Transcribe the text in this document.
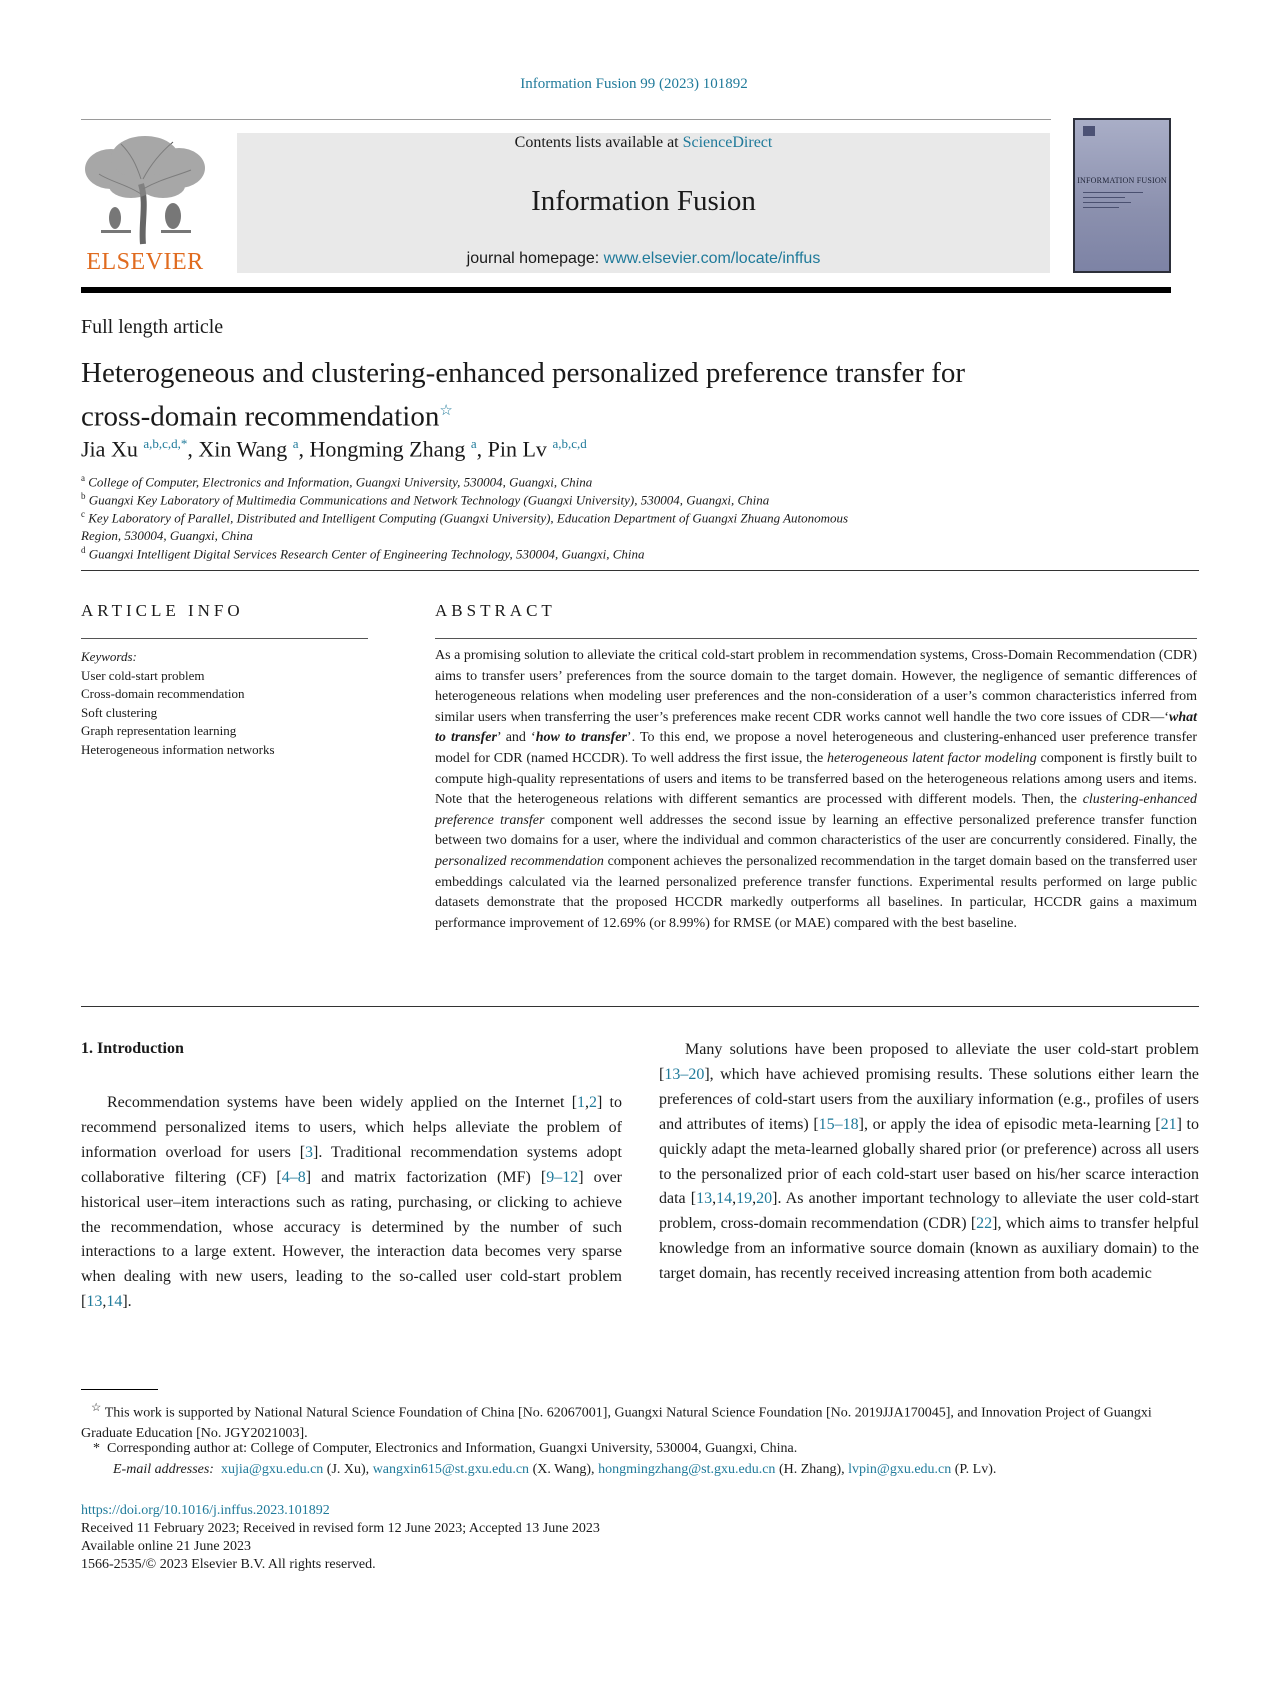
Information Fusion 99 (2023) 101892
ELSEVIER
Contents lists available at ScienceDirect
Information Fusion
journal homepage: www.elsevier.com/locate/inffus
INFORMATION FUSION
Full length article
Heterogeneous and clustering-enhanced personalized preference transfer for
cross-domain recommendation☆
Jia Xu $^{a,b,c,d,*}$, Xin Wang $^a$, Hongming Zhang $^a$, Pin Lv $^{a,b,c,d}$
$^a$ College of Computer, Electronics and Information, Guangxi University, 530004, Guangxi, China
$^b$ Guangxi Key Laboratory of Multimedia Communications and Network Technology (Guangxi University), 530004, Guangxi, China
$^c$ Key Laboratory of Parallel, Distributed and Intelligent Computing (Guangxi University), Education Department of Guangxi Zhuang Autonomous
Region, 530004, Guangxi, China
$^d$ Guangxi Intelligent Digital Services Research Center of Engineering Technology, 530004, Guangxi, China
ARTICLE INFO
Keywords:
User cold-start problem
Cross-domain recommendation
Soft clustering
Graph representation learning
Heterogeneous information networks
ABSTRACT
As a promising solution to alleviate the critical cold-start problem in recommendation systems, Cross-Domain Recommendation (CDR) aims to transfer users’ preferences from the source domain to the target domain. However, the negligence of semantic differences of heterogeneous relations when modeling user preferences and the non-consideration of a user’s common characteristics inferred from similar users when transferring the user’s preferences make recent CDR works cannot well handle the two core issues of CDR—‘what to transfer’ and ‘how to transfer’. To this end, we propose a novel heterogeneous and clustering-enhanced user preference transfer model for CDR (named HCCDR). To well address the first issue, the heterogeneous latent factor modeling component is firstly built to compute high-quality representations of users and items to be transferred based on the heterogeneous relations among users and items. Note that the heterogeneous relations with different semantics are processed with different models. Then, the clustering-enhanced preference transfer component well addresses the second issue by learning an effective personalized preference transfer function between two domains for a user, where the individual and common characteristics of the user are concurrently considered. Finally, the personalized recommendation component achieves the personalized recommendation in the target domain based on the transferred user embeddings calculated via the learned personalized preference transfer functions. Experimental results performed on large public datasets demonstrate that the proposed HCCDR markedly outperforms all baselines. In particular, HCCDR gains a maximum performance improvement of 12.69% (or 8.99%) for RMSE (or MAE) compared with the best baseline.
1. Introduction
Recommendation systems have been widely applied on the Internet [1,2] to recommend personalized items to users, which helps alleviate the problem of information overload for users [3]. Traditional recommendation systems adopt collaborative filtering (CF) [4–8] and matrix factorization (MF) [9–12] over historical user–item interactions such as rating, purchasing, or clicking to achieve the recommendation, whose accuracy is determined by the number of such interactions to a large extent. However, the interaction data becomes very sparse when dealing with new users, leading to the so-called user cold-start problem [13,14].
Many solutions have been proposed to alleviate the user cold-start problem [13–20], which have achieved promising results. These solutions either learn the preferences of cold-start users from the auxiliary information (e.g., profiles of users and attributes of items) [15–18], or apply the idea of episodic meta-learning [21] to quickly adapt the meta-learned globally shared prior (or preference) across all users to the personalized prior of each cold-start user based on his/her scarce interaction data [13,14,19,20]. As another important technology to alleviate the user cold-start problem, cross-domain recommendation (CDR) [22], which aims to transfer helpful knowledge from an informative source domain (known as auxiliary domain) to the target domain, has recently received increasing attention from both academic
☆ This work is supported by National Natural Science Foundation of China [No. 62067001], Guangxi Natural Science Foundation [No. 2019JJA170045], and Innovation Project of Guangxi Graduate Education [No. JGY2021003].
* Corresponding author at: College of Computer, Electronics and Information, Guangxi University, 530004, Guangxi, China.
E-mail addresses: xujia@gxu.edu.cn (J. Xu), wangxin615@st.gxu.edu.cn (X. Wang), hongmingzhang@st.gxu.edu.cn (H. Zhang), lvpin@gxu.edu.cn (P. Lv).
https://doi.org/10.1016/j.inffus.2023.101892
Received 11 February 2023; Received in revised form 12 June 2023; Accepted 13 June 2023
Available online 21 June 2023
1566-2535/© 2023 Elsevier B.V. All rights reserved.
